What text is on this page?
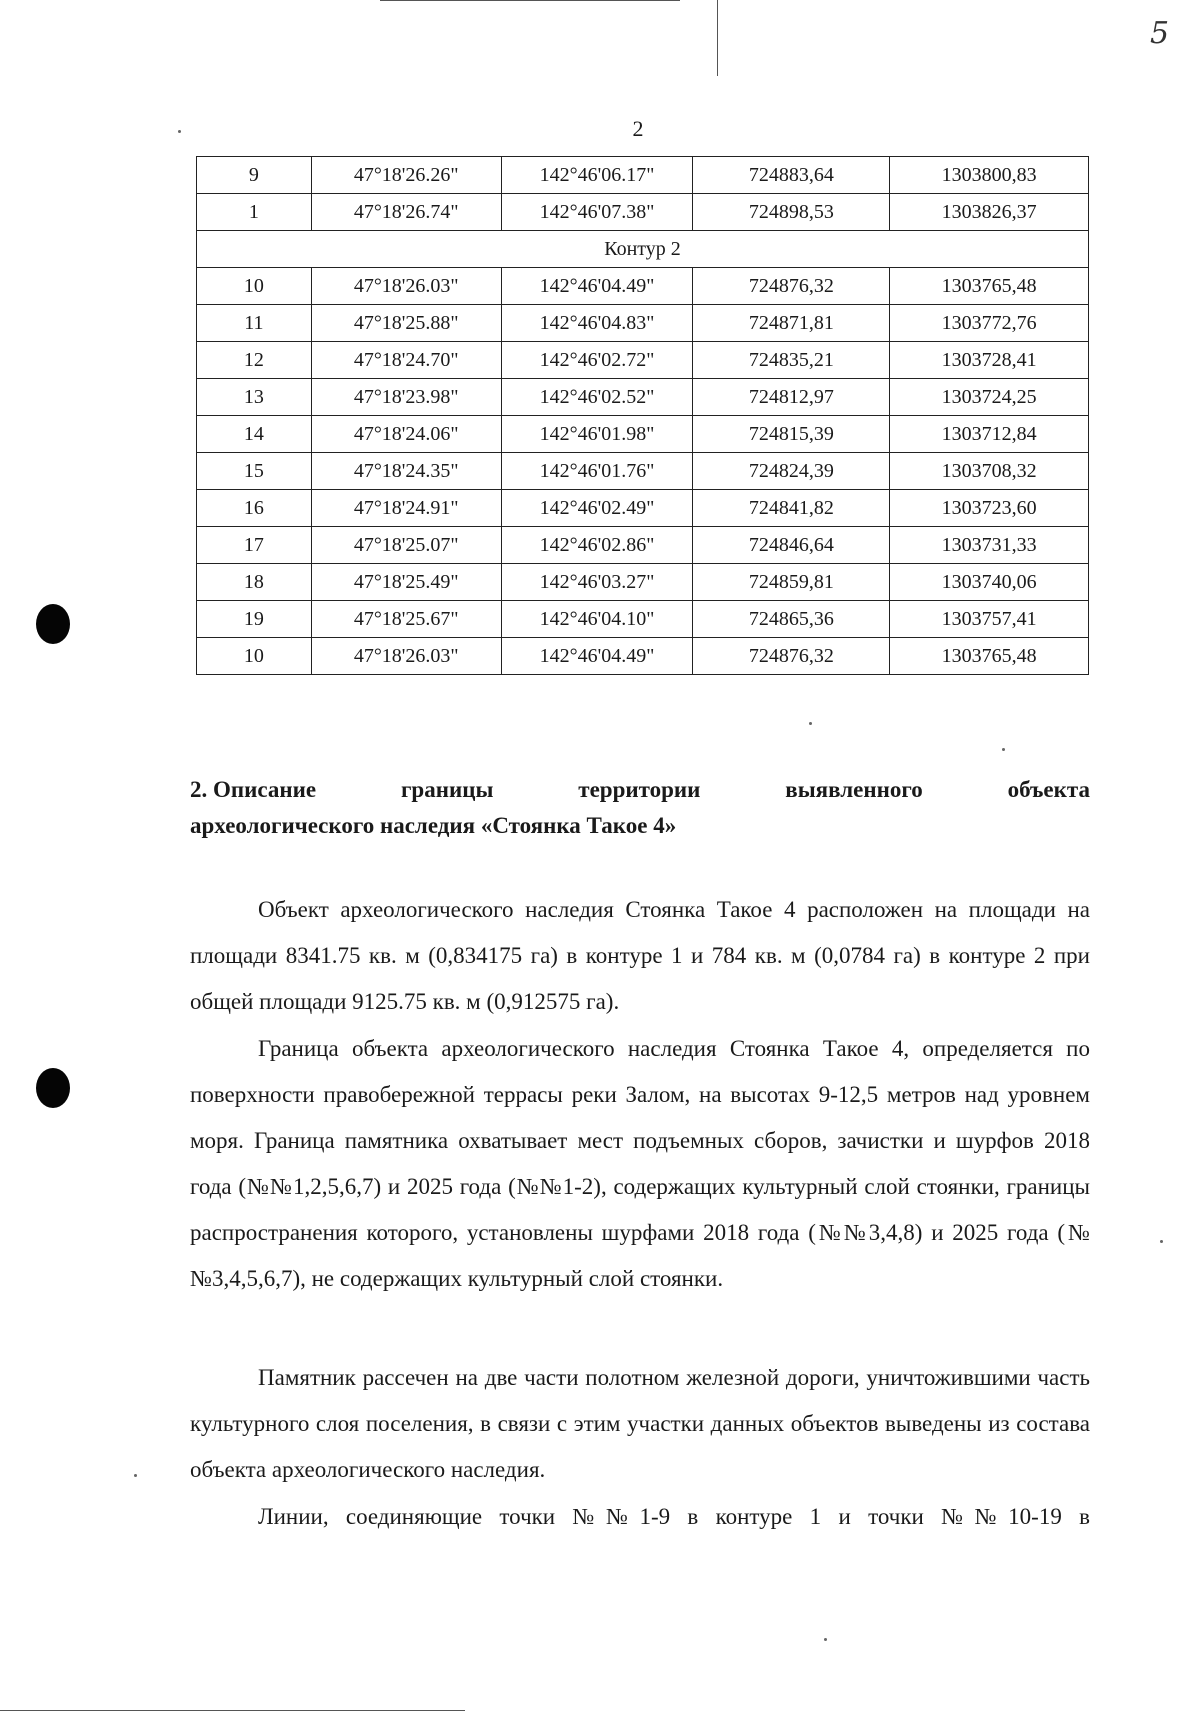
5
2
9	47°18'26.26"	142°46'06.17"	724883,64	1303800,83
1	47°18'26.74"	142°46'07.38"	724898,53	1303826,37
Контур 2				
10	47°18'26.03"	142°46'04.49"	724876,32	1303765,48
11	47°18'25.88"	142°46'04.83"	724871,81	1303772,76
12	47°18'24.70"	142°46'02.72"	724835,21	1303728,41
13	47°18'23.98"	142°46'02.52"	724812,97	1303724,25
14	47°18'24.06"	142°46'01.98"	724815,39	1303712,84
15	47°18'24.35"	142°46'01.76"	724824,39	1303708,32
16	47°18'24.91"	142°46'02.49"	724841,82	1303723,60
17	47°18'25.07"	142°46'02.86"	724846,64	1303731,33
18	47°18'25.49"	142°46'03.27"	724859,81	1303740,06
19	47°18'25.67"	142°46'04.10"	724865,36	1303757,41
10	47°18'26.03"	142°46'04.49"	724876,32	1303765,48
2. Описание	границы	территории	выявленного	объекта
археологического наследия «Стоянка Такое 4»
Объект археологического наследия Стоянка Такое 4 расположен на площади на площади 8341.75 кв. м (0,834175 га) в контуре 1 и 784 кв. м (0,0784 га) в контуре 2 при общей площади 9125.75 кв. м (0,912575 га).
Граница объекта археологического наследия Стоянка Такое 4, определяется по поверхности правобережной террасы реки Залом, на высотах 9-12,5 метров над уровнем моря. Граница памятника охватывает мест подъемных сборов, зачистки и шурфов 2018 года (№№1,2,5,6,7) и 2025 года (№№1-2), содержащих культурный слой стоянки, границы распространения которого, установлены шурфами 2018 года (№№3,4,8) и 2025 года (№№3,4,5,6,7), не содержащих культурный слой стоянки.
Памятник рассечен на две части полотном железной дороги, уничтожившими часть культурного слоя поселения, в связи с этим участки данных объектов выведены из состава объекта археологического наследия.
Линии, соединяющие точки №№1-9 в контуре 1 и точки №№10-19 в
